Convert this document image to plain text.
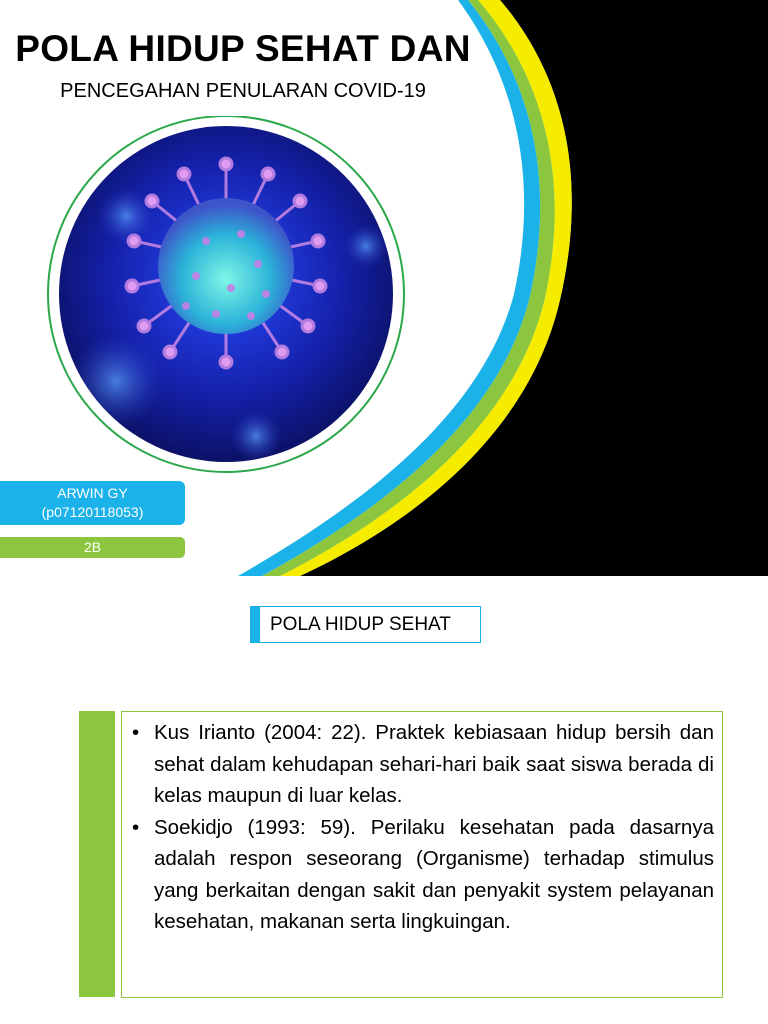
POLA HIDUP SEHAT DAN
PENCEGAHAN PENULARAN COVID-19
ARWIN GY
(p07120118053)
2B
POLA HIDUP SEHAT
• Kus Irianto (2004: 22). Praktek kebiasaan hidup bersih dan sehat dalam kehudapan sehari-hari baik saat siswa berada di kelas maupun di luar kelas.
• Soekidjo (1993: 59). Perilaku kesehatan pada dasarnya adalah respon seseorang (Organisme) terhadap stimulus yang berkaitan dengan sakit dan penyakit system pelayanan kesehatan, makanan serta lingkuingan.
